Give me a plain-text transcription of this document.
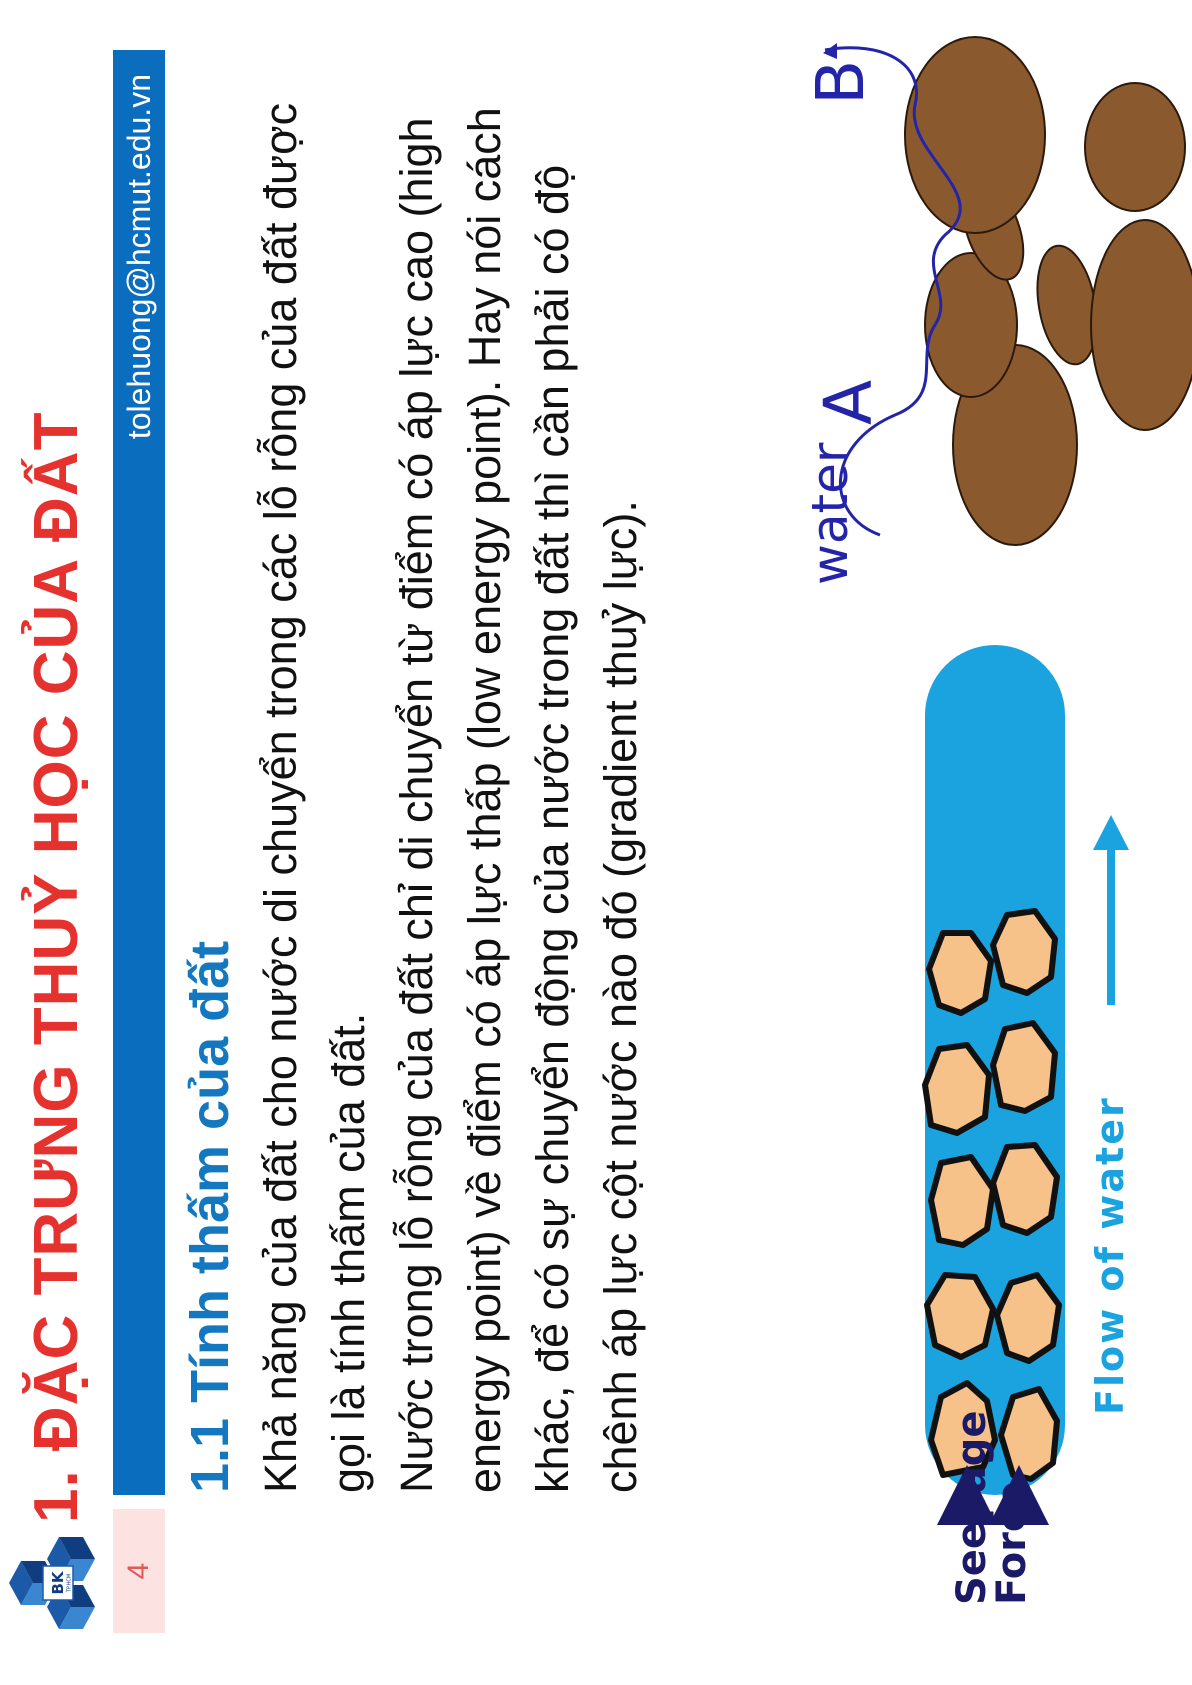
BK TP.HCM
1. ĐẶC TRƯNG THUỶ HỌC CỦA ĐẤT
4
tolehuong@hcmut.edu.vn
1.1 Tính thấm của đất Khả năng của đất cho nước di chuyển trong các lỗ rỗng của đất được gọi là tính thấm của đất. Nước trong lỗ rỗng của đất chỉ di chuyển từ điểm có áp lực cao (high energy point) về điểm có áp lực thấp (low energy point). Hay nói cách khác, để có sự chuyển động của nước trong đất thì cần phải có độ chênh áp lực cột nước nào đó (gradient thuỷ lực).

Seepage
Force
Flow of water
water
A
B
